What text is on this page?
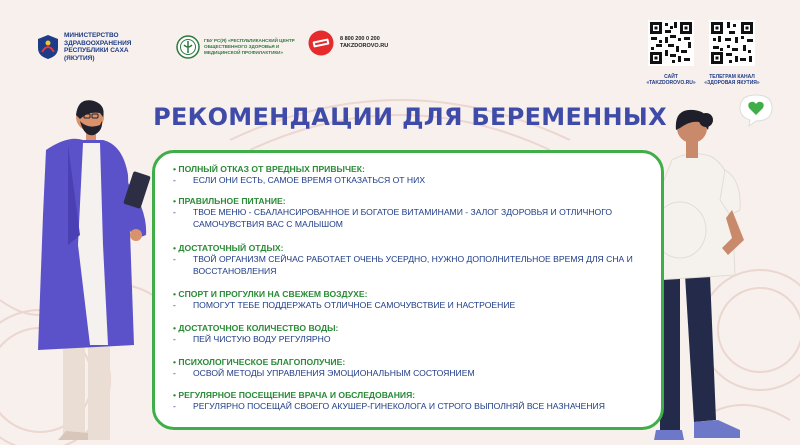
МИНИСТЕРСТВО ЗДРАВООХРАНЕНИЯ РЕСПУБЛИКИ САХА (ЯКУТИЯ)
ГБУ РС(Я) «РЕСПУБЛИКАНСКИЙ ЦЕНТР ОБЩЕСТВЕННОГО ЗДОРОВЬЯ И МЕДИЦИНСКОЙ ПРОФИЛАКТИКИ»
8 800 200 0 200
TAKZDOROVO.RU
САЙТ «TAKZDOROVO.RU»
ТЕЛЕГРАМ КАНАЛ «ЗДОРОВАЯ ЯКУТИЯ»
РЕКОМЕНДАЦИИ ДЛЯ БЕРЕМЕННЫХ
• ПОЛНЫЙ ОТКАЗ ОТ ВРЕДНЫХ ПРИВЫЧЕК:
-	ЕСЛИ ОНИ ЕСТЬ, САМОЕ ВРЕМЯ ОТКАЗАТЬСЯ ОТ НИХ
• ПРАВИЛЬНОЕ ПИТАНИЕ:
-	ТВОЕ МЕНЮ - СБАЛАНСИРОВАННОЕ И БОГАТОЕ ВИТАМИНАМИ - ЗАЛОГ ЗДОРОВЬЯ И ОТЛИЧНОГО САМОЧУВСТВИЯ ВАС С МАЛЫШОМ
• ДОСТАТОЧНЫЙ ОТДЫХ:
-	ТВОЙ ОРГАНИЗМ СЕЙЧАС РАБОТАЕТ ОЧЕНЬ УСЕРДНО, НУЖНО ДОПОЛНИТЕЛЬНОЕ ВРЕМЯ ДЛЯ СНА И ВОССТАНОВЛЕНИЯ
• СПОРТ И ПРОГУЛКИ НА СВЕЖЕМ ВОЗДУХЕ:
-	ПОМОГУТ ТЕБЕ ПОДДЕРЖАТЬ ОТЛИЧНОЕ САМОЧУВСТВИЕ И НАСТРОЕНИЕ
• ДОСТАТОЧНОЕ КОЛИЧЕСТВО ВОДЫ:
-	ПЕЙ ЧИСТУЮ ВОДУ РЕГУЛЯРНО
• ПСИХОЛОГИЧЕСКОЕ БЛАГОПОЛУЧИЕ:
-	ОСВОЙ МЕТОДЫ УПРАВЛЕНИЯ ЭМОЦИОНАЛЬНЫМ СОСТОЯНИЕМ
• РЕГУЛЯРНОЕ ПОСЕЩЕНИЕ ВРАЧА И ОБСЛЕДОВАНИЯ:
-	РЕГУЛЯРНО ПОСЕЩАЙ СВОЕГО АКУШЕР-ГИНЕКОЛОГА И СТРОГО ВЫПОЛНЯЙ ВСЕ НАЗНАЧЕНИЯ
